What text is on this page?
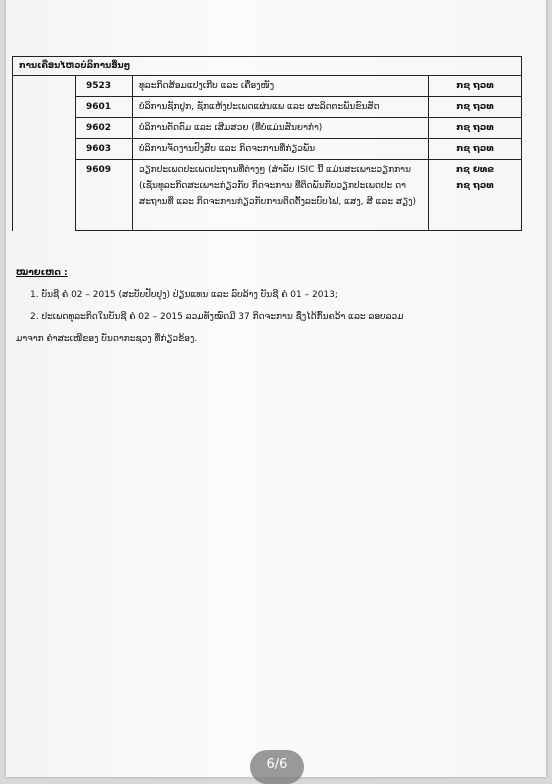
ການເຄື່ອນໄຫວບໍລິການອື່ນໆ			
	9523	ທຸລະກິດສ້ອມແປງເກີບ ແລະ ເຄື່ອງໜັງ	ກຊ ຖວທ
	9601	ບໍລິການຊັກປູກ, ຊັກແຫ້ງປະເພດແຜ່ນແພ ແລະ ຜະລິດຕະພັນຂົນສັດ	ກຊ ຖວທ
	9602	ບໍລິການຕັດຕົມ ແລະ ເສີມສວຍ (ທີ່ບໍ່ແມ່ນສັນຍາກຳ)	ກຊ ຖວທ
	9603	ບໍລິການຈັດງານປົງສົບ ແລະ ກິດຈະການທີ່ກ່ຽວພັນ	ກຊ ຖວທ
	9609	ວຽກປະເພດປະເພດປະຖານທີ່ຕ່າງໆ (ສໍາລັບ ISIC ນີ້ ແມ່ນສະເພາະວຽກການ (ເຊັ່ນທຸລະກິດສະເພາະກ່ຽວກັບ ກິດຈະການ ທີ່ຕິດພັນກັບວຽກປະເພດປະ ດາສະຖານທີ່ ແລະ ກິດຈະການກ່ຽວກັບການຕິດຕັ້ງລະບົບໄຟ, ແສງ, ສີ ແລະ ສຽງ)	ກຊ ຍທຂ
ກຊ ຖວທ
ໝາຍເຫດ :
1. ບັນຊີ ຄໍ 02 – 2015 (ສະບັບປັບປຸງ) ປ່ຽນແທນ ແລະ ລົບລ້າງ ບັນຊີ ຄໍ 01 – 2013;
2. ປະເພດທຸລະກິດໃນບັນຊີ ຄໍ 02 – 2015 ລວມທັງໝົດມີ 37 ກິດຈະການ ຊຶ່ງໄດ້ກົ້ນຄວ້າ ແລະ ລອບລວມ
ມາຈາກ ຄໍາສະເໜີຂອງ ບັນດາກະຊວງ ທີ່ກ່ຽວຂ້ອງ.
6/6
